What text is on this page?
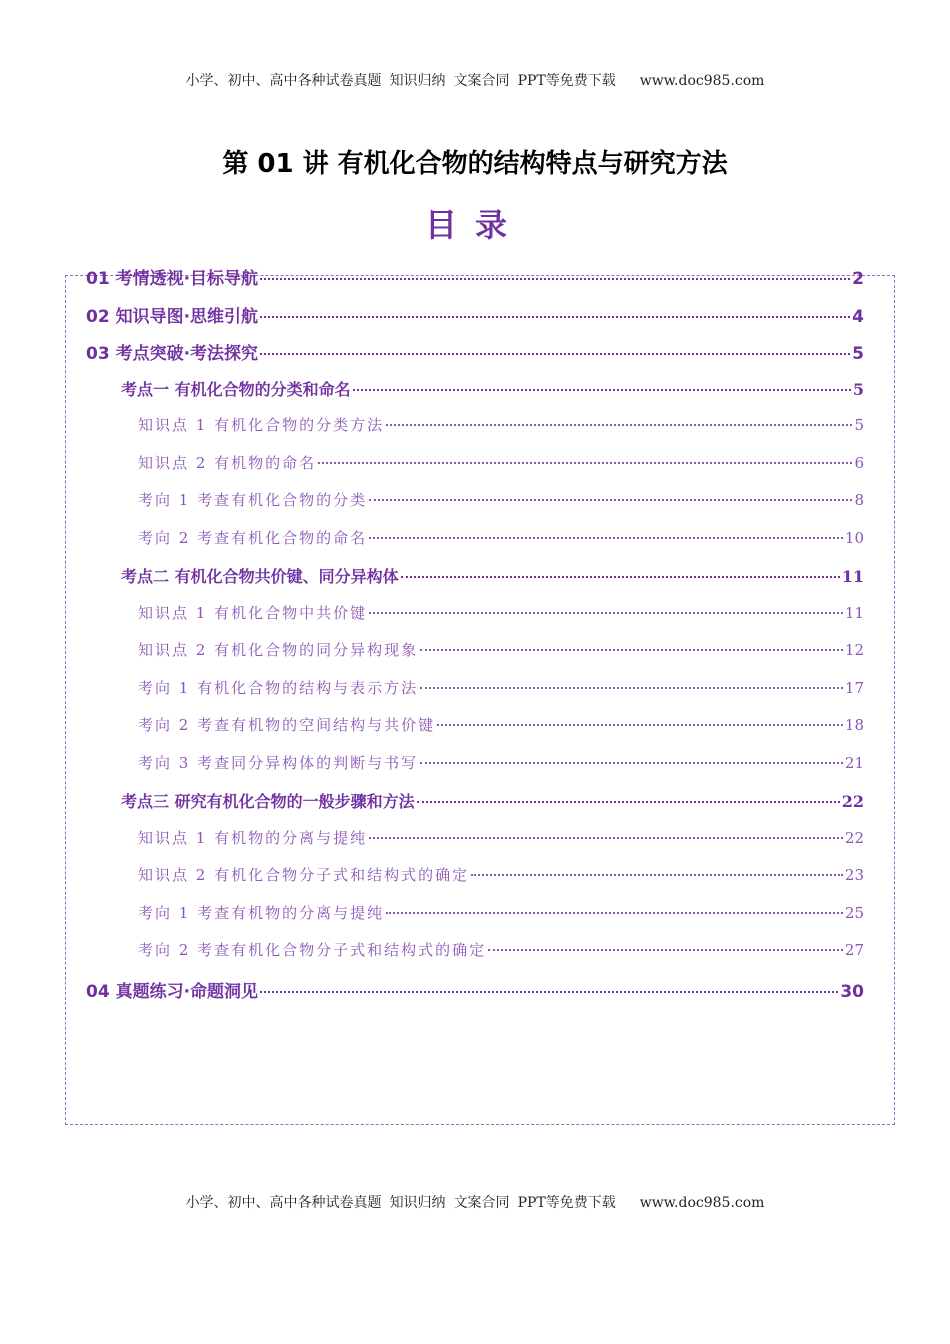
小学、初中、高中各种试卷真题 知识归纳 文案合同 PPT等免费下载 www.doc985.com
第 01 讲 有机化合物的结构特点与研究方法
目录
01 考情透视·目标导航	2
02 知识导图·思维引航	4
03 考点突破·考法探究	5
考点一 有机化合物的分类和命名	5
知识点 1 有机化合物的分类方法	5
知识点 2 有机物的命名	6
考向 1 考查有机化合物的分类	8
考向 2 考查有机化合物的命名	10
考点二 有机化合物共价键、同分异构体	11
知识点 1 有机化合物中共价键	11
知识点 2 有机化合物的同分异构现象	12
考向 1 有机化合物的结构与表示方法	17
考向 2 考查有机物的空间结构与共价键	18
考向 3 考查同分异构体的判断与书写	21
考点三 研究有机化合物的一般步骤和方法	22
知识点 1 有机物的分离与提纯	22
知识点 2 有机化合物分子式和结构式的确定	23
考向 1 考查有机物的分离与提纯	25
考向 2 考查有机化合物分子式和结构式的确定	27
04 真题练习·命题洞见	30
小学、初中、高中各种试卷真题 知识归纳 文案合同 PPT等免费下载 www.doc985.com
